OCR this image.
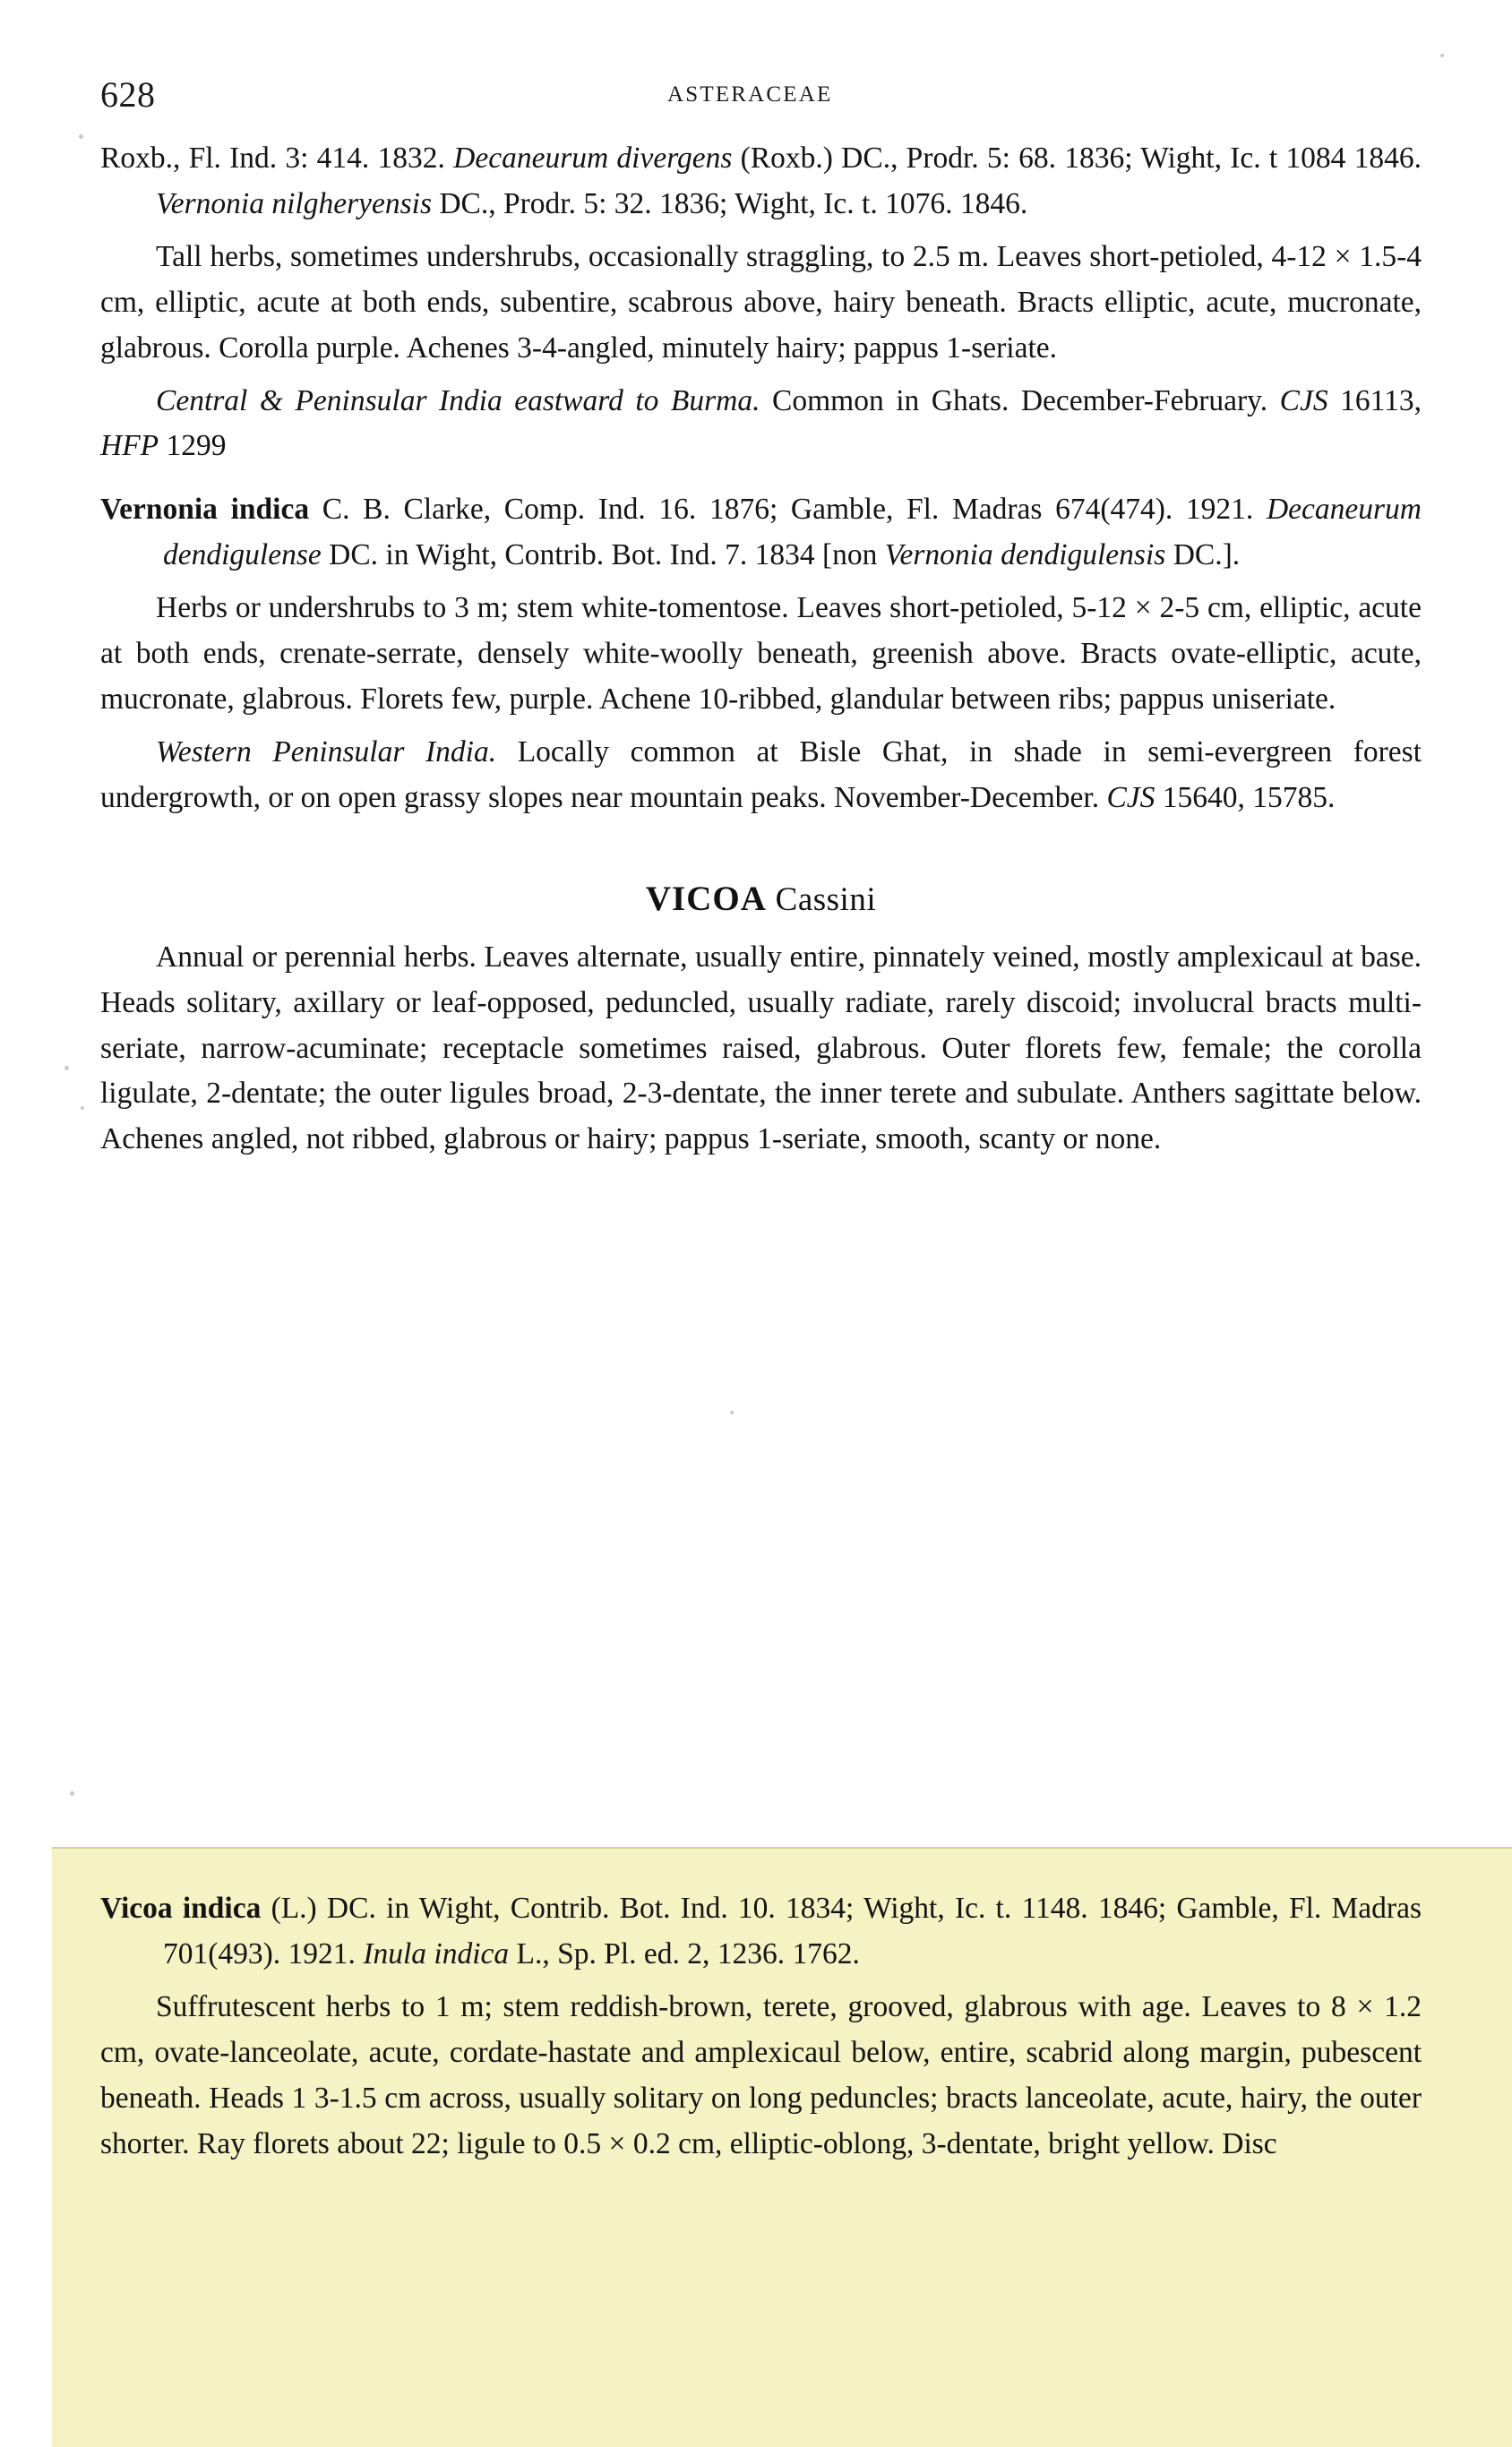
628	ASTERACEAE

Roxb., Fl. Ind. 3: 414. 1832. Decaneurum divergens (Roxb.) DC., Prodr. 5: 68. 1836; Wight, Ic. t 1084 1846. Vernonia nilgheryensis DC., Prodr. 5: 32. 1836; Wight, Ic. t. 1076. 1846.

Tall herbs, sometimes undershrubs, occasionally straggling, to 2.5 m. Leaves short-petioled, 4-12 × 1.5-4 cm, elliptic, acute at both ends, subentire, scabrous above, hairy beneath. Bracts elliptic, acute, mucronate, glabrous. Corolla purple. Achenes 3-4-angled, minutely hairy; pappus 1-seriate.

Central & Peninsular India eastward to Burma. Common in Ghats. December-February. CJS 16113, HFP 1299

Vernonia indica C. B. Clarke, Comp. Ind. 16. 1876; Gamble, Fl. Madras 674(474). 1921. Decaneurum dendigulense DC. in Wight, Contrib. Bot. Ind. 7. 1834 [non Vernonia dendigulensis DC.].

Herbs or undershrubs to 3 m; stem white-tomentose. Leaves short-petioled, 5-12 × 2-5 cm, elliptic, acute at both ends, crenate-serrate, densely white-woolly beneath, greenish above. Bracts ovate-elliptic, acute, mucronate, glabrous. Florets few, purple. Achene 10-ribbed, glandular between ribs; pappus uniseriate.

Western Peninsular India. Locally common at Bisle Ghat, in shade in semi-evergreen forest undergrowth, or on open grassy slopes near mountain peaks. November-December. CJS 15640, 15785.

VICOA Cassini

Annual or perennial herbs. Leaves alternate, usually entire, pinnately veined, mostly amplexicaul at base. Heads solitary, axillary or leaf-opposed, peduncled, usually radiate, rarely discoid; involucral bracts multi-seriate, narrow-acuminate; receptacle sometimes raised, glabrous. Outer florets few, female; the corolla ligulate, 2-dentate; the outer ligules broad, 2-3-dentate, the inner terete and subulate. Anthers sagittate below. Achenes angled, not ribbed, glabrous or hairy; pappus 1-seriate, smooth, scanty or none.

Vicoa indica (L.) DC. in Wight, Contrib. Bot. Ind. 10. 1834; Wight, Ic. t. 1148. 1846; Gamble, Fl. Madras 701(493). 1921. Inula indica L., Sp. Pl. ed. 2, 1236. 1762.

Suffrutescent herbs to 1 m; stem reddish-brown, terete, grooved, glabrous with age. Leaves to 8 × 1.2 cm, ovate-lanceolate, acute, cordate-hastate and amplexicaul below, entire, scabrid along margin, pubescent beneath. Heads 1 3-1.5 cm across, usually solitary on long peduncles; bracts lanceolate, acute, hairy, the outer shorter. Ray florets about 22; ligule to 0.5 × 0.2 cm, elliptic-oblong, 3-dentate, bright yellow. Disc
